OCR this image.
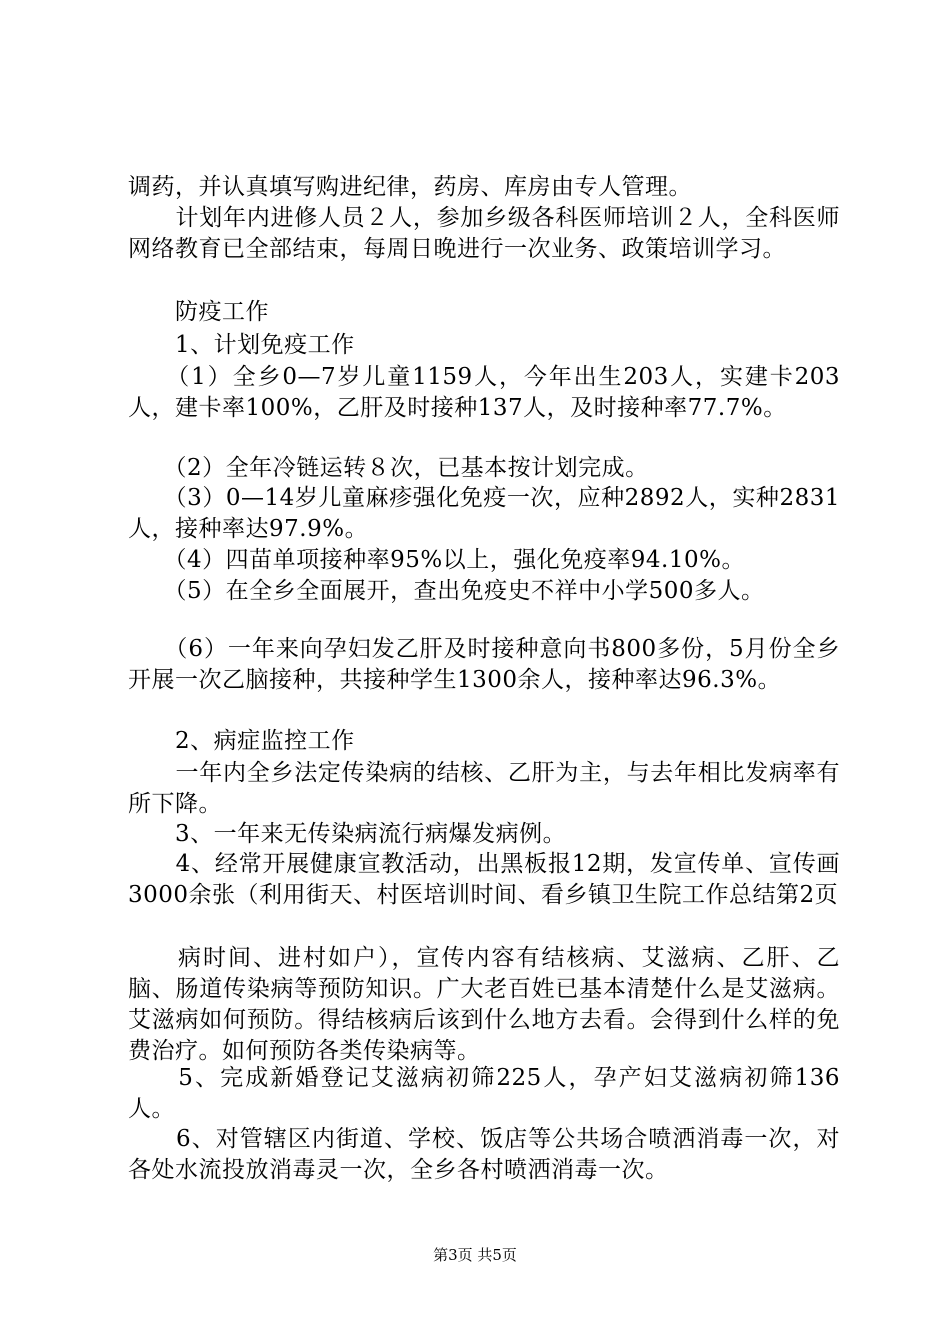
调药，并认真填写购进纪律，药房、库房由专人管理。
　　计划年内进修人员２人，参加乡级各科医师培训２人，全科医师网络教育已全部结束，每周日晚进行一次业务、政策培训学习。
　　防疫工作
　　1、计划免疫工作
　　（1）全乡0—7岁儿童1159人，今年出生203人，实建卡203人，建卡率100%，乙肝及时接种137人，及时接种率77.7%。
　　（2）全年冷链运转８次，已基本按计划完成。
　　（3）0—14岁儿童麻疹强化免疫一次，应种2892人，实种2831人，接种率达97.9%。
　　（4）四苗单项接种率95%以上，强化免疫率94.10%。
　　（5）在全乡全面展开，查出免疫史不祥中小学500多人。
　　（6）一年来向孕妇发乙肝及时接种意向书800多份，5月份全乡开展一次乙脑接种，共接种学生1300余人，接种率达96.3%。
　　2、病症监控工作
　　一年内全乡法定传染病的结核、乙肝为主，与去年相比发病率有所下降。
　　3、一年来无传染病流行病爆发病例。
　　4、经常开展健康宣教活动，出黑板报12期，发宣传单、宣传画3000余张（利用街天、村医培训时间、看乡镇卫生院工作总结第2页
　　病时间、进村如户），宣传内容有结核病、艾滋病、乙肝、乙脑、肠道传染病等预防知识。广大老百姓已基本清楚什么是艾滋病。艾滋病如何预防。得结核病后该到什么地方去看。会得到什么样的免费治疗。如何预防各类传染病等。
　　5、完成新婚登记艾滋病初筛225人，孕产妇艾滋病初筛136人。
　　6、对管辖区内街道、学校、饭店等公共场合喷洒消毒一次，对各处水流投放消毒灵一次，全乡各村喷洒消毒一次。
第3页 共5页
